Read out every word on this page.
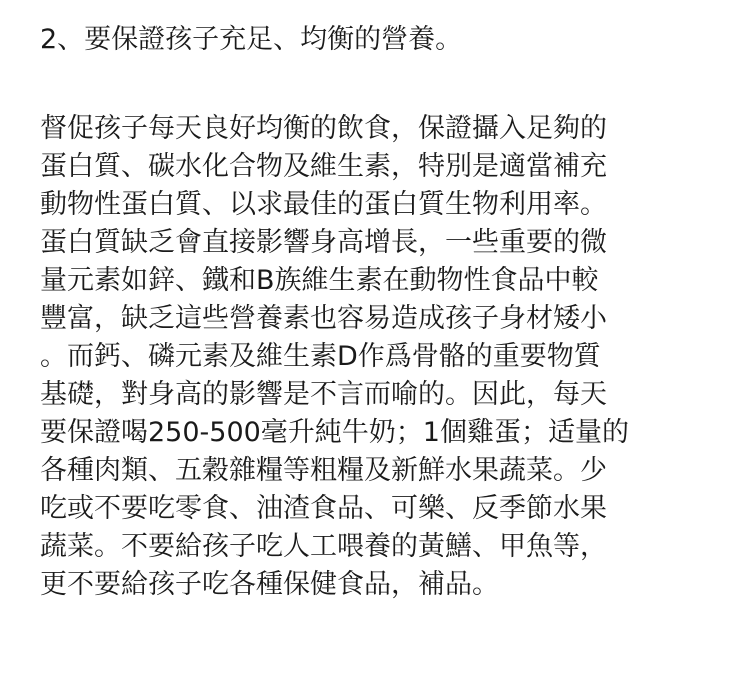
2、要保證孩子充足、均衡的營養。
督促孩子每天良好均衡的飲食，保證攝入足夠的
蛋白質、碳水化合物及維生素，特別是適當補充
動物性蛋白質、以求最佳的蛋白質生物利用率。
蛋白質缺乏會直接影響身高增長，一些重要的微
量元素如鋅、鐵和B族維生素在動物性食品中較
豐富，缺乏這些營養素也容易造成孩子身材矮小
。而鈣、磷元素及維生素D作爲骨骼的重要物質
基礎，對身高的影響是不言而喻的。因此，每天
要保證喝250-500毫升純牛奶；1個雞蛋；适量的
各種肉類、五穀雜糧等粗糧及新鮮水果蔬菜。少
吃或不要吃零食、油渣食品、可樂、反季節水果
蔬菜。不要給孩子吃人工喂養的黃鱔、甲魚等，
更不要給孩子吃各種保健食品，補品。
